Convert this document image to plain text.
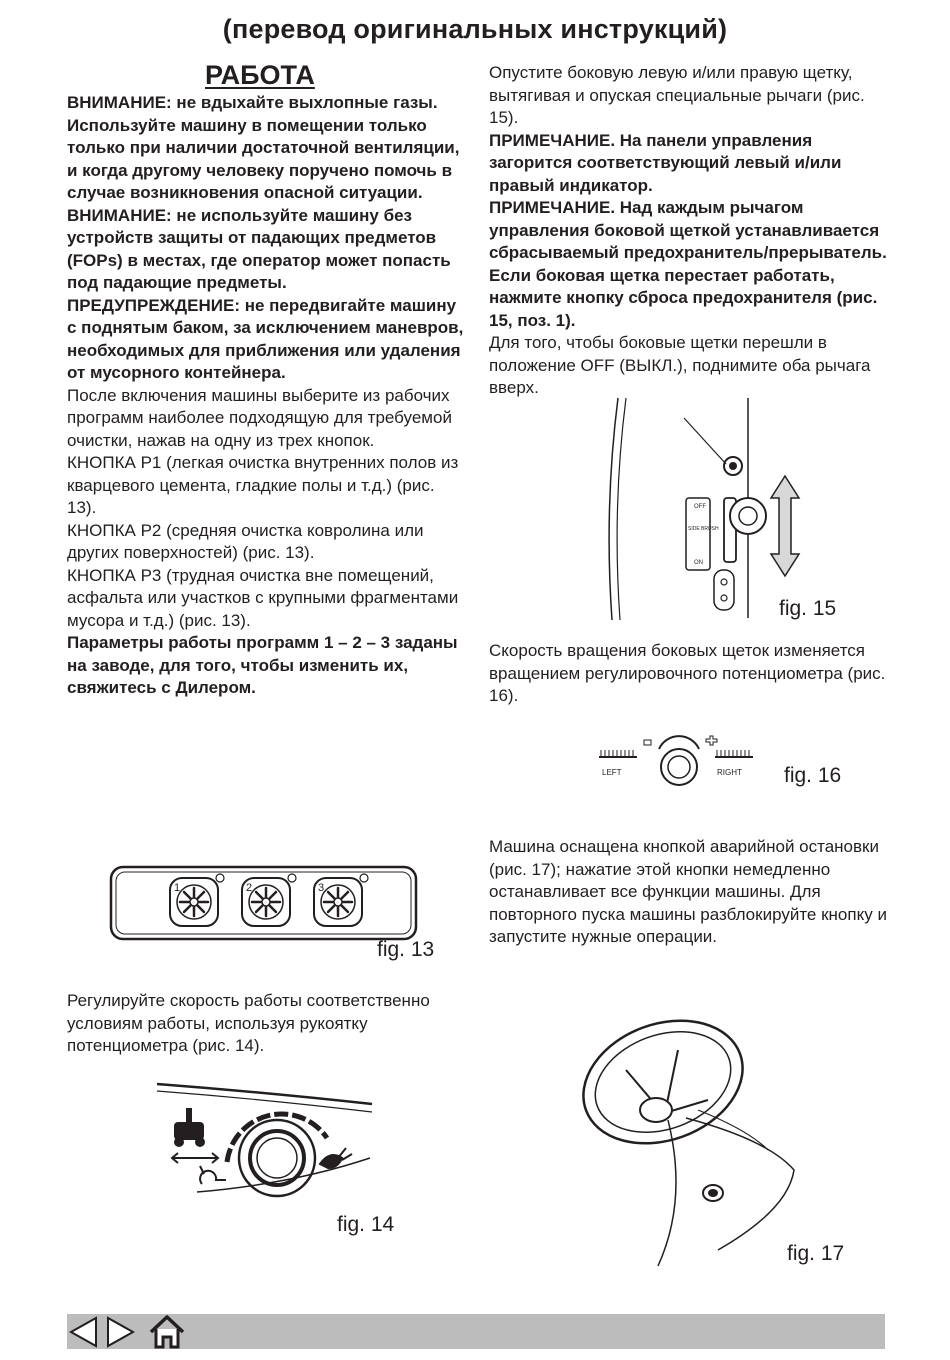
(перевод оригинальных инструкций)
РАБОТА

ВНИМАНИЕ: не вдыхайте выхлопные газы. Используйте машину в помещении только только при наличии достаточной вентиляции, и когда другому человеку поручено помочь в случае возникновения опасной ситуации.

ВНИМАНИЕ: не используйте машину без устройств защиты от падающих предметов (FOPs) в местах, где оператор может попасть под падающие предметы.

ПРЕДУПРЕЖДЕНИЕ: не передвигайте машину с поднятым баком, за исключением маневров, необходимых для приближения или удаления от мусорного контейнера.

После включения машины выберите из рабочих программ наиболее подходящую для требуемой очистки, нажав на одну из трех кнопок.

КНОПКА P1 (легкая очистка внутренних полов из кварцевого цемента, гладкие полы и т.д.) (рис. 13).

КНОПКА P2 (средняя очистка ковролина или других поверхностей) (рис. 13).

КНОПКА P3 (трудная очистка вне помещений, асфальта или участков с крупными фрагментами мусора и т.д.) (рис. 13).

Параметры работы программ 1 – 2 – 3 заданы на заводе, для того, чтобы изменить их, свяжитесь с Дилером.

Опустите боковую левую и/или правую щетку, вытягивая и опуская специальные рычаги (рис. 15).

ПРИМЕЧАНИЕ. На панели управления загорится соответствующий левый и/или правый индикатор.

ПРИМЕЧАНИЕ. Над каждым рычагом управления боковой щеткой устанавливается сбрасываемый предохранитель/прерыватель. Если боковая щетка перестает работать, нажмите кнопку сброса предохранителя (рис. 15, поз. 1).

Для того, чтобы боковые щетки перешли в положение OFF (ВЫКЛ.), поднимите оба рычага вверх.

1	2	3
fig. 13

Регулируйте скорость работы соответственно условиям работы, используя рукоятку потенциометра (рис. 14).

fig. 14
OFF
SIDE BRUSH
ON
fig. 15

Скорость вращения боковых щеток изменяется вращением регулировочного потенциометра (рис. 16).

LEFT	RIGHT fig. 16

Машина оснащена кнопкой аварийной остановки (рис. 17); нажатие этой кнопки немедленно останавливает все функции машины. Для повторного пуска машины разблокируйте кнопку и запустите нужные операции.

fig. 17
